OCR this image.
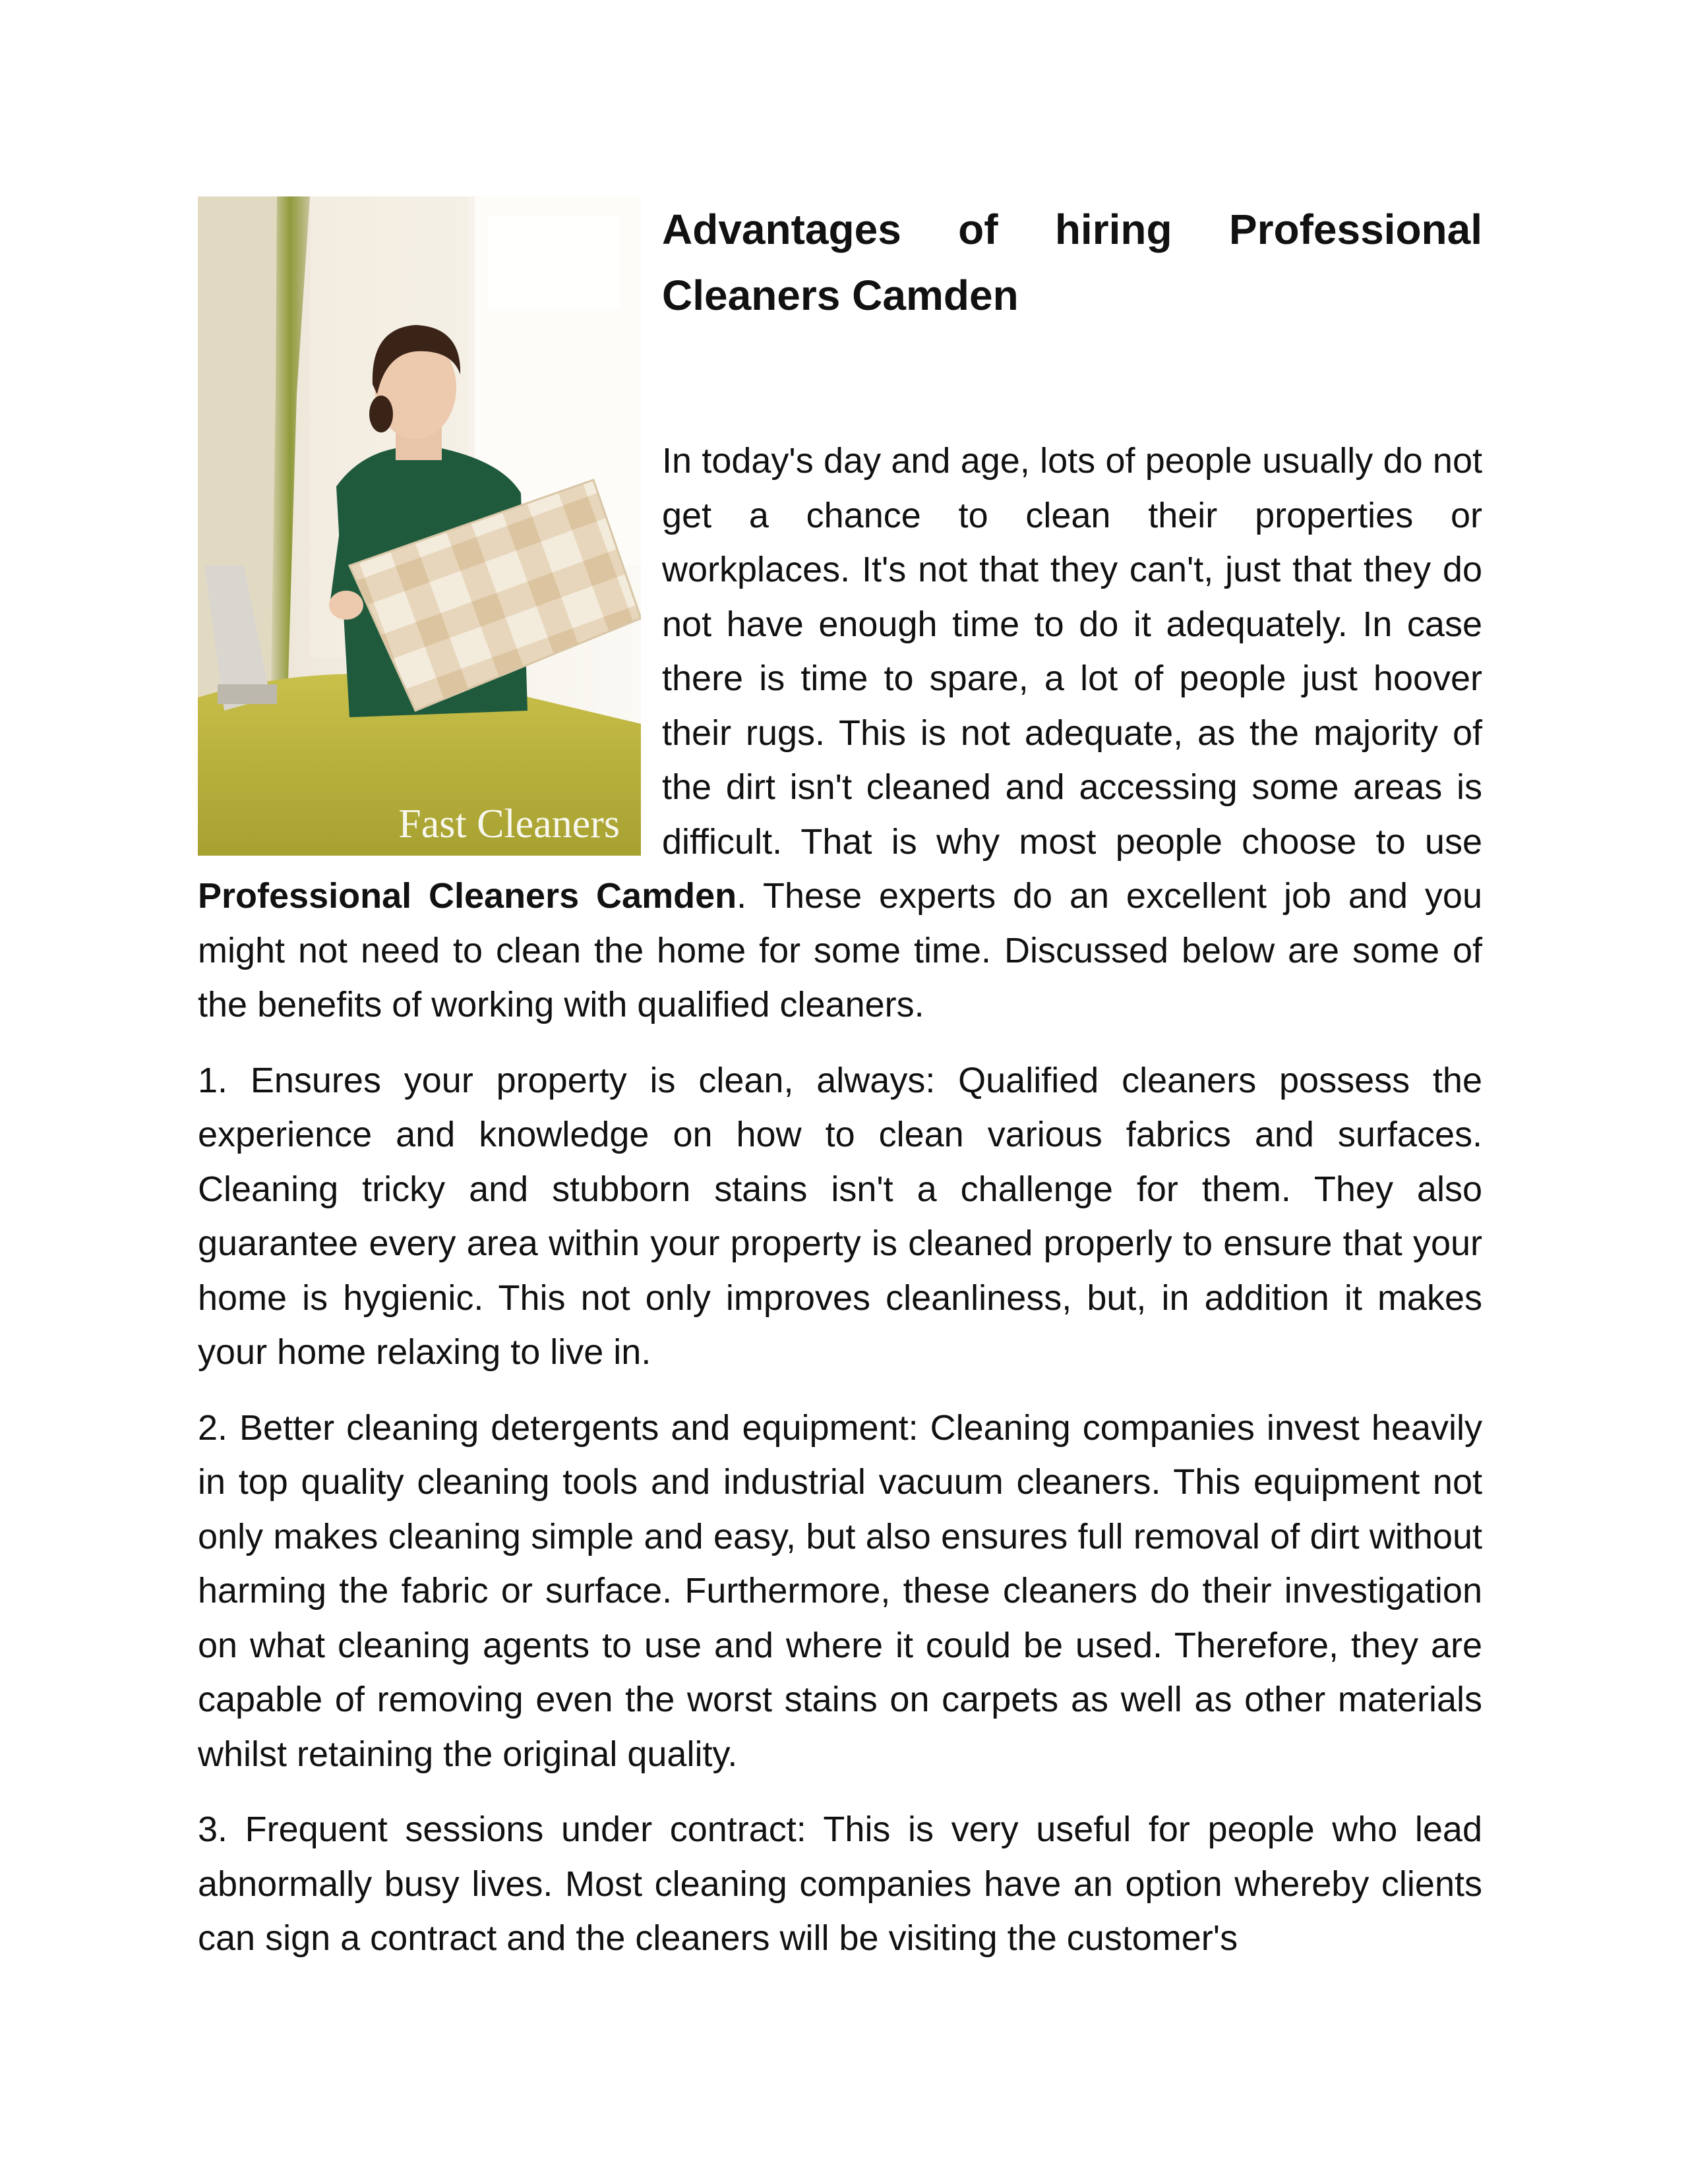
Fast Cleaners
Advantages of hiring Professional Cleaners Camden

In today's day and age, lots of people usually do not get a chance to clean their properties or workplaces. It's not that they can't, just that they do not have enough time to do it adequately. In case there is time to spare, a lot of people just hoover their rugs. This is not adequate, as the majority of the dirt isn't cleaned and accessing some areas is difficult. That is why most people choose to use Professional Cleaners Camden. These experts do an excellent job and you might not need to clean the home for some time. Discussed below are some of the benefits of working with qualified cleaners.

1. Ensures your property is clean, always: Qualified cleaners possess the experience and knowledge on how to clean various fabrics and surfaces. Cleaning tricky and stubborn stains isn't a challenge for them. They also guarantee every area within your property is cleaned properly to ensure that your home is hygienic. This not only improves cleanliness, but, in addition it makes your home relaxing to live in.

2. Better cleaning detergents and equipment: Cleaning companies invest heavily in top quality cleaning tools and industrial vacuum cleaners. This equipment not only makes cleaning simple and easy, but also ensures full removal of dirt without harming the fabric or surface. Furthermore, these cleaners do their investigation on what cleaning agents to use and where it could be used. Therefore, they are capable of removing even the worst stains on carpets as well as other materials whilst retaining the original quality.

3. Frequent sessions under contract: This is very useful for people who lead abnormally busy lives. Most cleaning companies have an option whereby clients can sign a contract and the cleaners will be visiting the customer's
